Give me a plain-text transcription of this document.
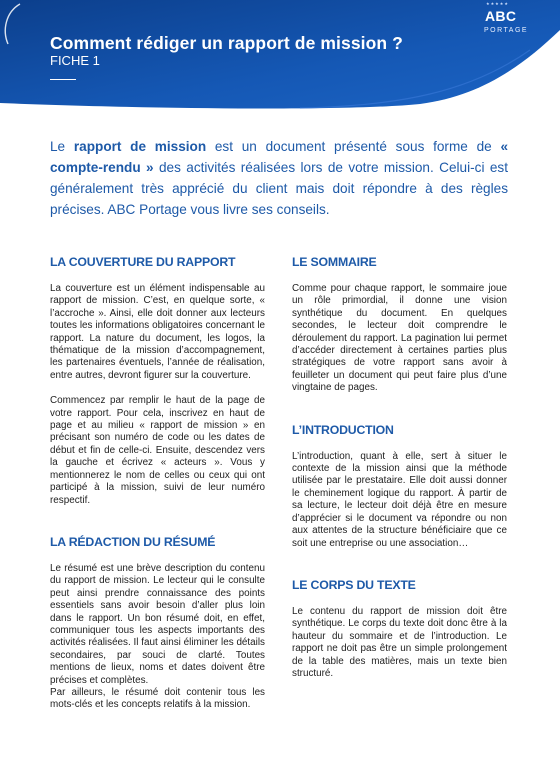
Comment rédiger un rapport de mission ?
FICHE 1
ABC
PORTAGE
★★★★★
Le rapport de mission est un document présenté sous forme de « compte-rendu » des activités réalisées lors de votre mission. Celui-ci est généralement très apprécié du client mais doit répondre à des règles précises. ABC Portage vous livre ses conseils.
LA COUVERTURE DU RAPPORT

La couverture est un élément indispensable au rapport de mission. C’est, en quelque sorte, « l’accroche ». Ainsi, elle doit donner aux lecteurs toutes les informations obligatoires concernant le rapport. La nature du document, les logos, la thématique de la mission d’accompagnement, les partenaires éventuels, l’année de réalisation, entre autres, devront figurer sur la couverture.

Commencez par remplir le haut de la page de votre rapport. Pour cela, inscrivez en haut de page et au milieu « rapport de mission » en précisant son numéro de code ou les dates de début et fin de celle-ci. Ensuite, descendez vers la gauche et écrivez « acteurs ». Vous y mentionnerez le nom de celles ou ceux qui ont participé à la mission, suivi de leur numéro respectif.

LA RÉDACTION DU RÉSUMÉ

Le résumé est une brève description du contenu du rapport de mission. Le lecteur qui le consulte peut ainsi prendre connaissance des points essentiels sans avoir besoin d’aller plus loin dans le rapport. Un bon résumé doit, en effet, communiquer tous les aspects importants des activités réalisées. Il faut ainsi éliminer les détails secondaires, par souci de clarté. Toutes mentions de lieux, noms et dates doivent être précises et complètes.

Par ailleurs, le résumé doit contenir tous les mots-clés et les concepts relatifs à la mission.

LE SOMMAIRE

Comme pour chaque rapport, le sommaire joue un rôle primordial, il donne une vision synthétique du document. En quelques secondes, le lecteur doit comprendre le déroulement du rapport. La pagination lui permet d’accéder directement à certaines parties plus stratégiques de votre rapport sans avoir à feuilleter un document qui peut faire plus d’une vingtaine de pages.

L’INTRODUCTION

L’introduction, quant à elle, sert à situer le contexte de la mission ainsi que la méthode utilisée par le prestataire. Elle doit aussi donner le cheminement logique du rapport. À partir de sa lecture, le lecteur doit déjà être en mesure d’apprécier si le document va répondre ou non aux attentes de la structure bénéficiaire que ce soit une entreprise ou une association…

LE CORPS DU TEXTE

Le contenu du rapport de mission doit être synthétique. Le corps du texte doit donc être à la hauteur du sommaire et de l’introduction. Le rapport ne doit pas être un simple prolongement de la table des matières, mais un texte bien structuré.
